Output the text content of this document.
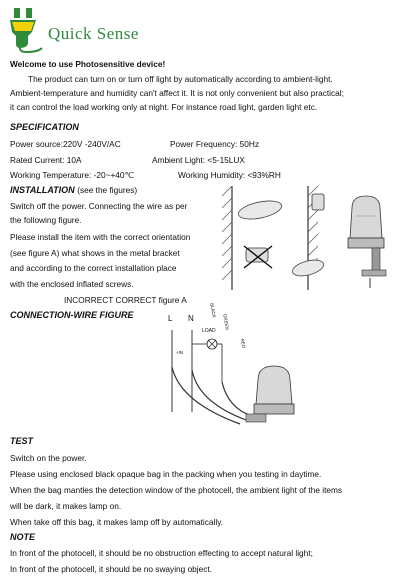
Quick Sense
Welcome to use Photosensitive device!
The product can turn on or turn off light by automatically according to ambient-light.
Ambient-temperature and humidity can't affect it. It is not only convenient but also practical;
it can control the load working only at night. For instance road light, garden light etc.
SPECIFICATION
Power source:220V -240V/AC	Power Frequency: 50Hz
Rated Current: 10A	Ambient Light: <5-15LUX
Working Temperature: -20~+40℃	Working Humidity: <93%RH
INSTALLATION (see the figures)
Switch off the power. Connecting the wire as per
the following figure.
Please install the item with the correct orientation
(see figure A) what shows in the metal bracket
and according to the correct installation place
with the enclosed inflated screws.
INCORRECT CORRECT figure A
CONNECTION-WIRE FIGURE	L	N
LOAD
+IN
BLACK
GREEN
RED
TEST
Switch on the power.
Please using enclosed black opaque bag in the packing when you testing in daytime.
When the bag mantles the detection window of the photocell, the ambient light of the items
will be dark, it makes lamp on.
When take off this bag, it makes lamp off by automatically.
NOTE
In front of the photocell, it should be no obstruction effecting to accept natural light;
In front of the photocell, it should be no swaying object.
